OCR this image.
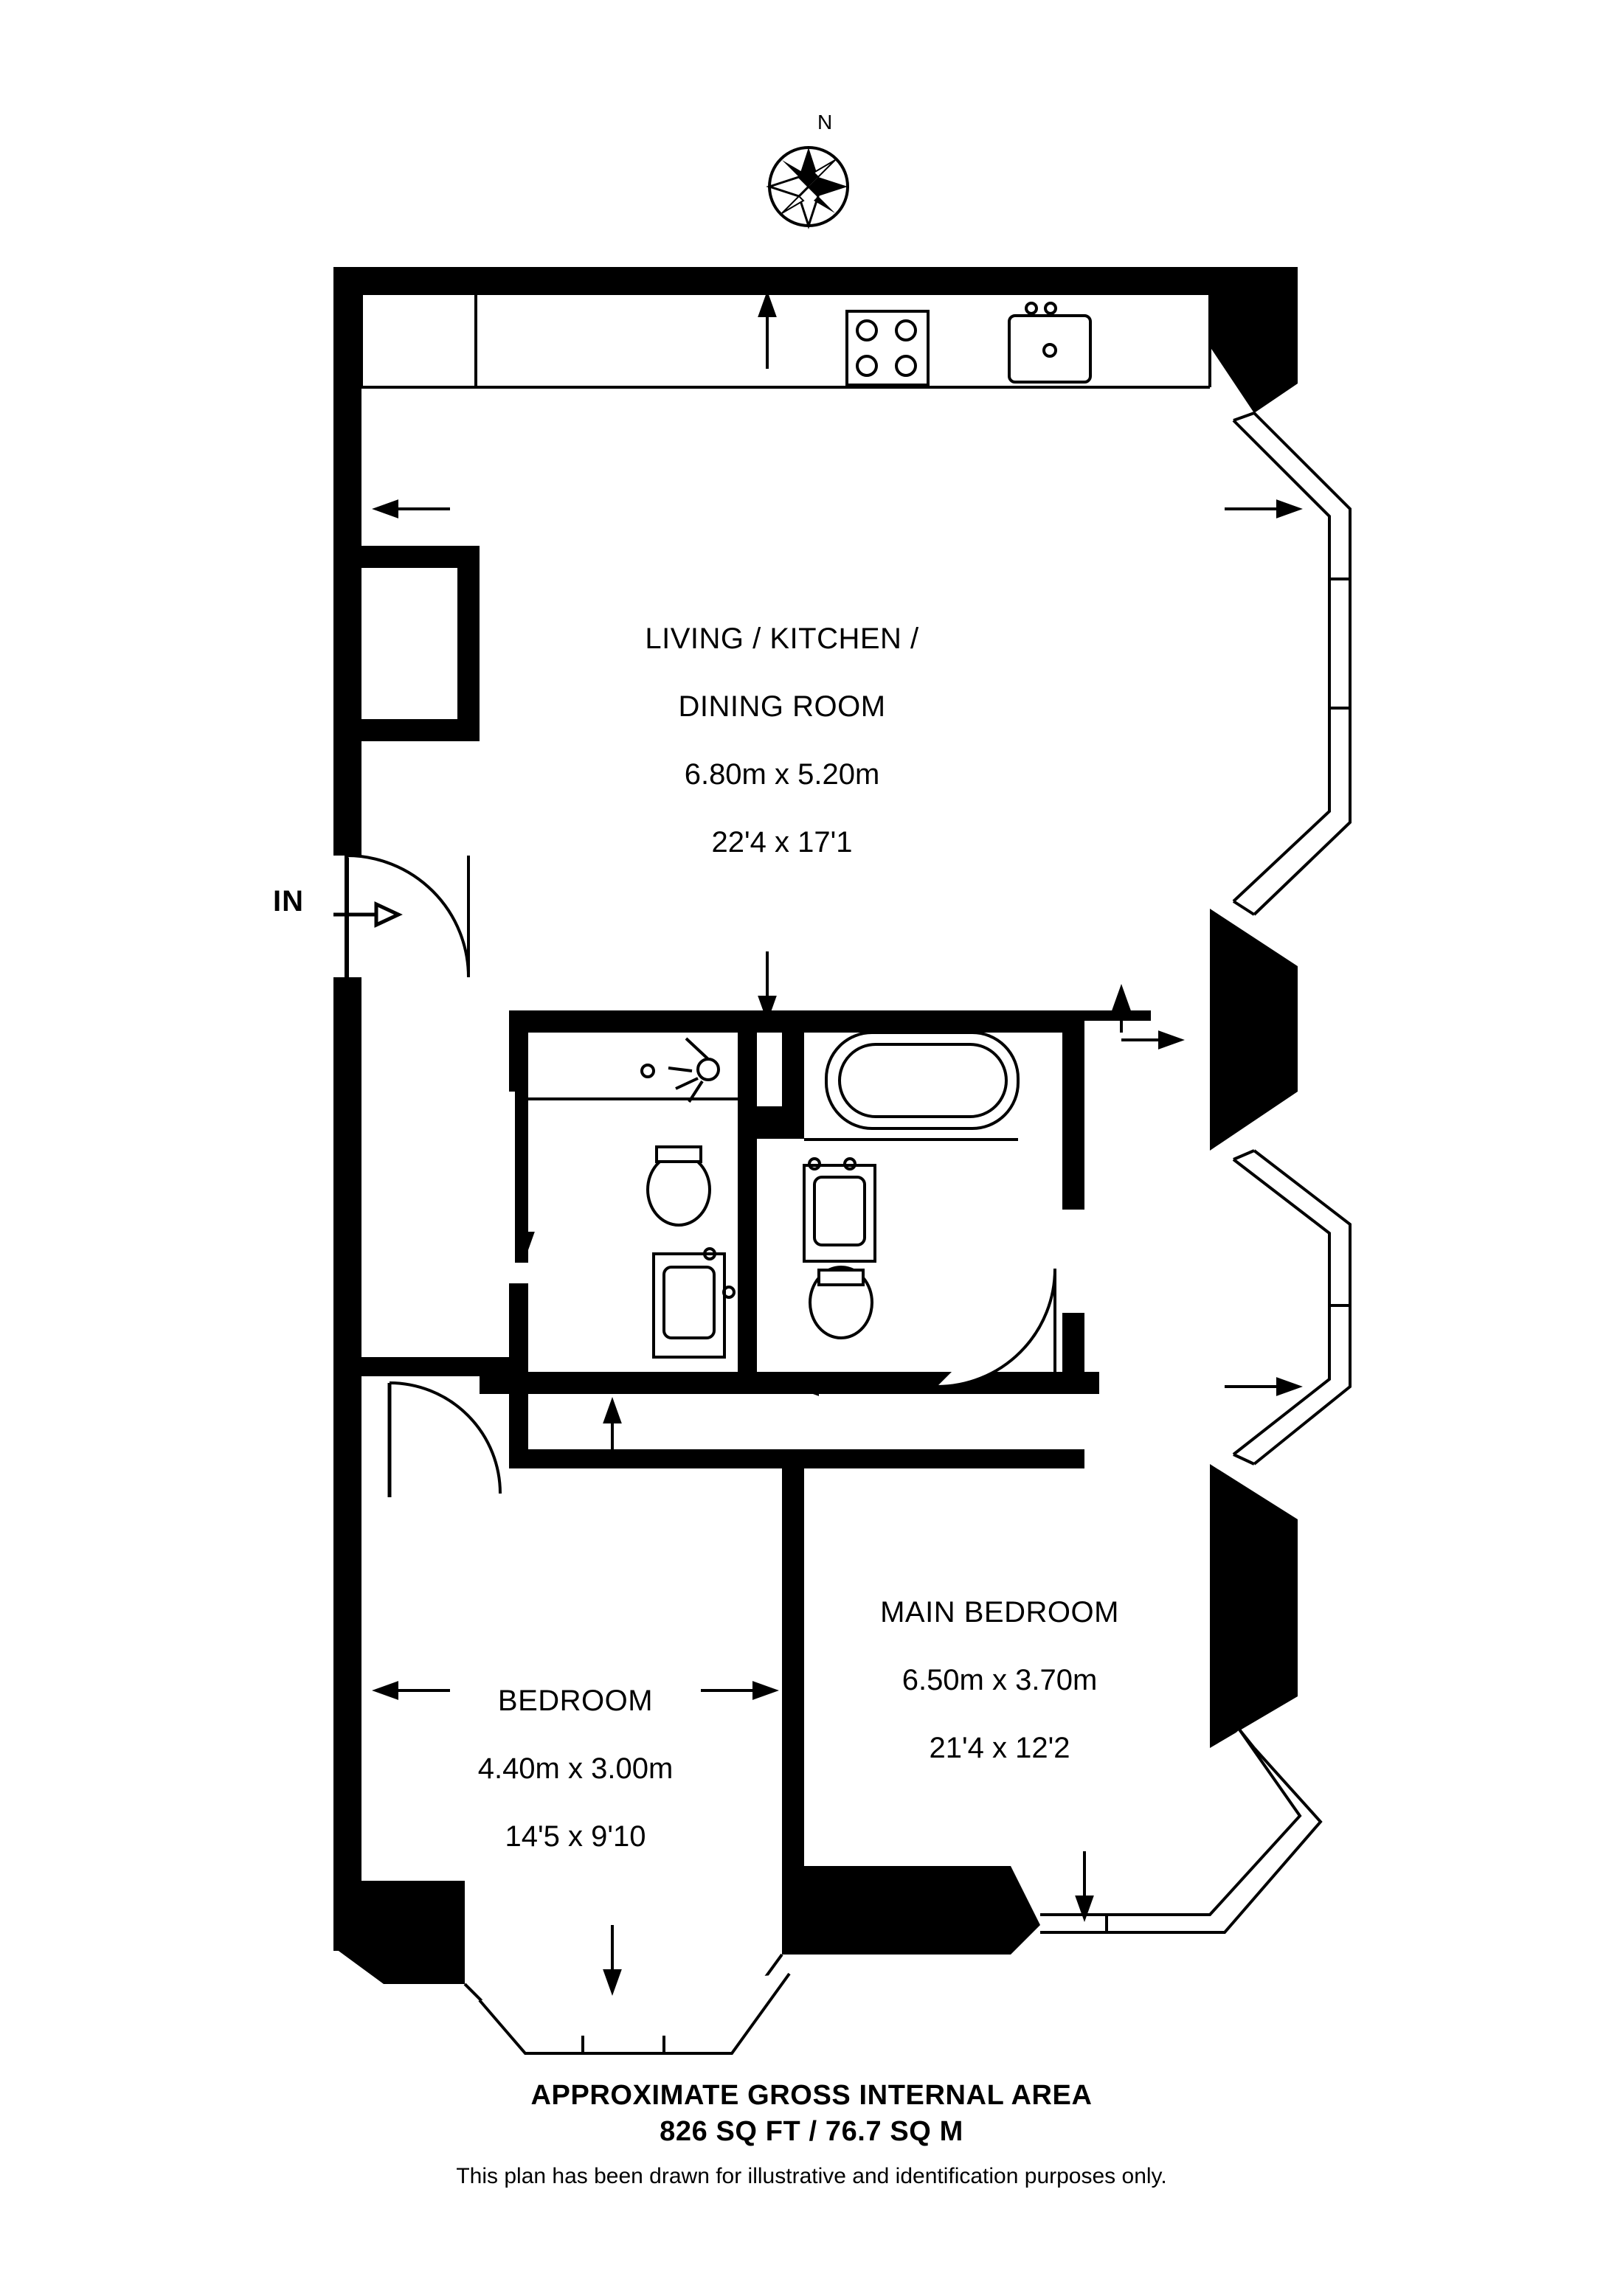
N
IN

LIVING / KITCHEN /

DINING ROOM

6.80m x 5.20m

22'4 x 17'1

MAIN BEDROOM

6.50m x 3.70m

21'4 x 12'2

BEDROOM

4.40m x 3.00m

14'5 x 9'10

APPROXIMATE GROSS INTERNAL AREA
826 SQ FT / 76.7 SQ M
This plan has been drawn for illustrative and identification purposes only.
